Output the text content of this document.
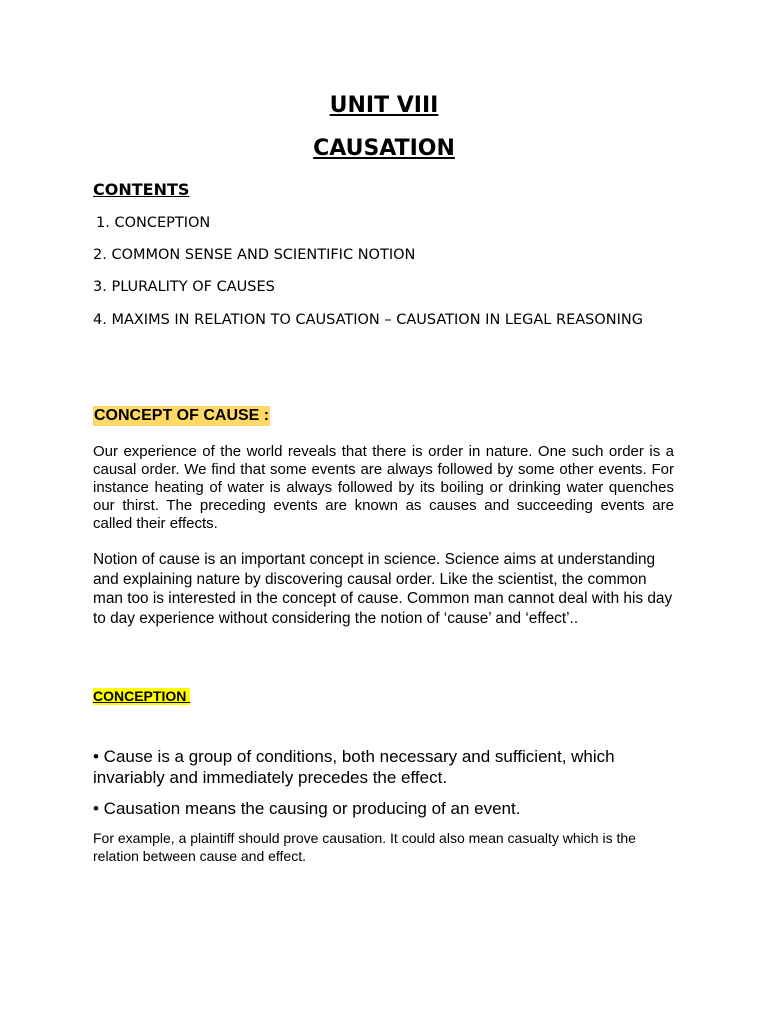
UNIT VIII
CAUSATION
CONTENTS
1. CONCEPTION
2. COMMON SENSE AND SCIENTIFIC NOTION
3. PLURALITY OF CAUSES
4. MAXIMS IN RELATION TO CAUSATION – CAUSATION IN LEGAL REASONING
CONCEPT OF CAUSE :

Our experience of the world reveals that there is order in nature. One such order is a causal order. We find that some events are always followed by some other events. For instance heating of water is always followed by its boiling or drinking water quenches our thirst. The preceding events are known as causes and succeeding events are called their effects.

Notion of cause is an important concept in science. Science aims at understanding and explaining nature by discovering causal order. Like the scientist, the common man too is interested in the concept of cause. Common man cannot deal with his day to day experience without considering the notion of ‘cause’ and ‘effect’..

CONCEPTION

• Cause is a group of conditions, both necessary and sufficient, which invariably and immediately precedes the effect.

• Causation means the causing or producing of an event.

For example, a plaintiff should prove causation. It could also mean casualty which is the relation between cause and effect.
